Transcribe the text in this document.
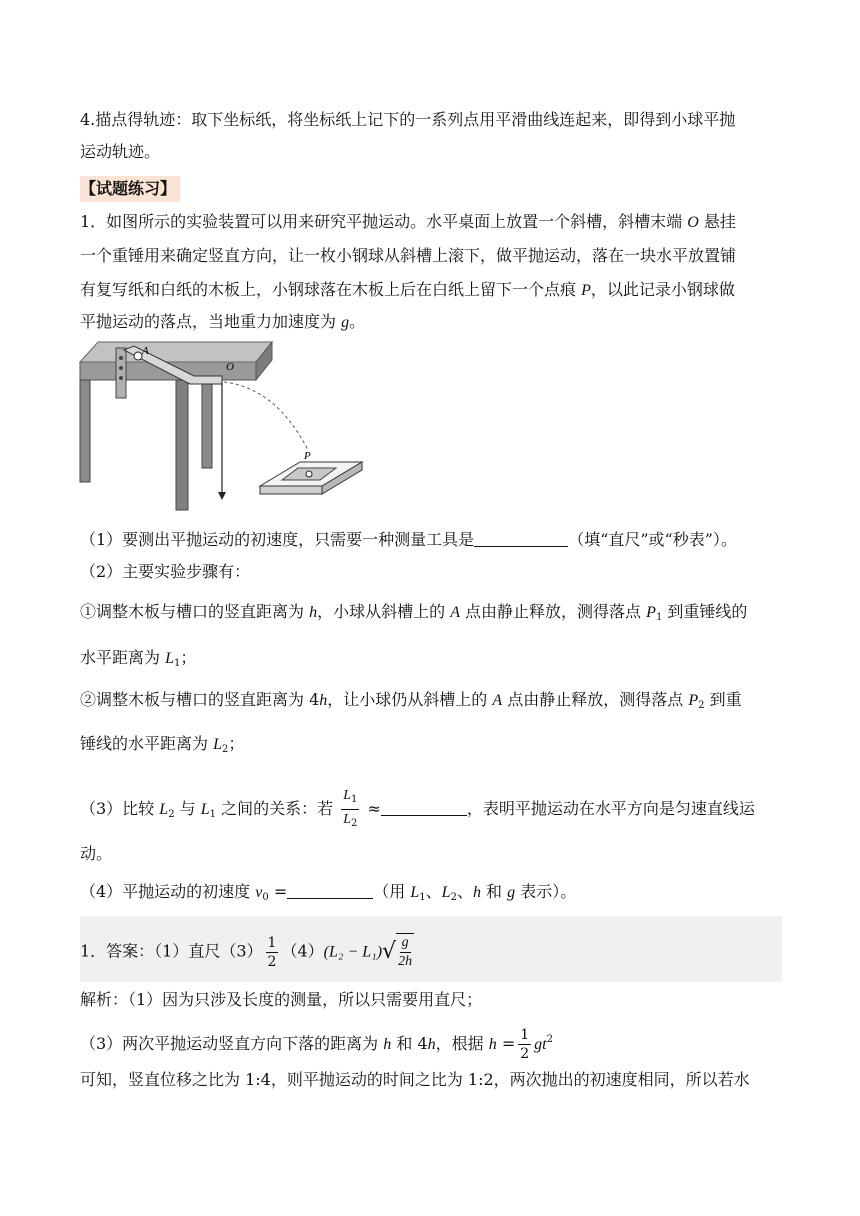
4.描点得轨迹：取下坐标纸，将坐标纸上记下的一系列点用平滑曲线连起来，即得到小球平抛

运动轨迹。

【试题练习】

1．如图所示的实验装置可以用来研究平抛运动。水平桌面上放置一个斜槽，斜槽末端 O 悬挂

一个重锤用来确定竖直方向，让一枚小钢球从斜槽上滚下，做平抛运动，落在一块水平放置铺

有复写纸和白纸的木板上，小钢球落在木板上后在白纸上留下一个点痕 P，以此记录小钢球做

平抛运动的落点，当地重力加速度为 g。

A
O
P

（1）要测出平抛运动的初速度，只需要一种测量工具是	（填“直尺”或“秒表”）。

（2）主要实验步骤有：

①调整木板与槽口的竖直距离为 h，小球从斜槽上的 A 点由静止释放，测得落点 $P_1$ 到重锤线的

水平距离为 $L_1$；

②调整木板与槽口的竖直距离为 4h，让小球仍从斜槽上的 A 点由静止释放，测得落点 $P_2$ 到重

锤线的水平距离为 $L_2$；

（3）比较 $L_2$ 与 $L_1$ 之间的关系：若 $\frac{L_1}{L_2}$ ≈	，表明平抛运动在水平方向是匀速直线运

动。

（4）平抛运动的初速度 $v_0$ =	（用 $L_1$、$L_2$、h 和 g 表示）。

1．答案：（1）直尺$(3) \frac{1}{2} (4)(L_2 - L_1)$ √ $\frac{g}{2h}$

解析：（1）因为只涉及长度的测量，所以只需要用直尺；

（3）两次平抛运动竖直方向下落的距离为 h 和 4h，根据 $h = \frac{1}{2} gt^2$

可知，竖直位移之比为 1:4，则平抛运动的时间之比为 1:2，两次抛出的初速度相同，所以若水
